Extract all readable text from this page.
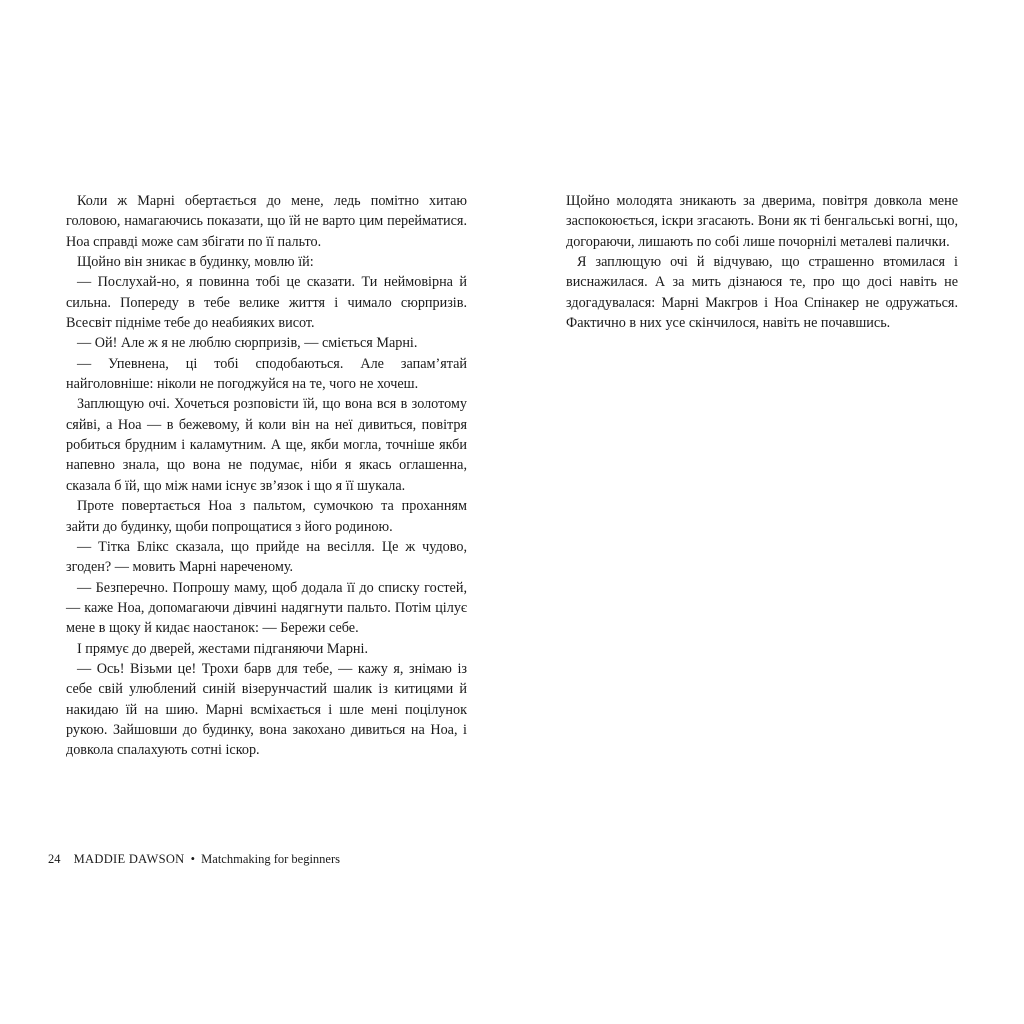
Коли ж Марні обертається до мене, ледь помітно хитаю головою, намагаючись показати, що їй не варто цим перейматися. Ноа справді може сам збігати по її пальто.

Щойно він зникає в будинку, мовлю їй:

— Послухай-но, я повинна тобі це сказати. Ти неймовірна й сильна. Попереду в тебе велике життя і чимало сюрпризів. Всесвіт підніме тебе до неабияких висот.

— Ой! Але ж я не люблю сюрпризів, — сміється Марні.

— Упевнена, ці тобі сподобаються. Але запам’ятай найголовніше: ніколи не погоджуйся на те, чого не хочеш.

Заплющую очі. Хочеться розповісти їй, що вона вся в золотому сяйві, а Ноа — в бежевому, й коли він на неї дивиться, повітря робиться брудним і каламутним. А ще, якби могла, точніше якби напевно знала, що вона не подумає, ніби я якась оглашенна, сказала б їй, що між нами існує зв’язок і що я її шукала.

Проте повертається Ноа з пальтом, сумочкою та проханням зайти до будинку, щоби попрощатися з його родиною.

— Тітка Блікс сказала, що прийде на весілля. Це ж чудово, згоден? — мовить Марні нареченому.

— Безперечно. Попрошу маму, щоб додала її до списку гостей, — каже Ноа, допомагаючи дівчині надягнути пальто. Потім цілує мене в щоку й кидає наостанок: — Бережи себе.

І прямує до дверей, жестами підганяючи Марні.

— Ось! Візьми це! Трохи барв для тебе, — кажу я, знімаю із себе свій улюблений синій візерунчастий шалик із китицями й накидаю їй на шию. Марні всміхається і шле мені поцілунок рукою. Зайшовши до будинку, вона закохано дивиться на Ноа, і довкола спалахують сотні іскор.

Щойно молодята зникають за дверима, повітря довкола мене заспокоюється, іскри згасають. Вони як ті бенгальські вогні, що, догораючи, лишають по собі лише почорнілі металеві палички.

Я заплющую очі й відчуваю, що страшенно втомилася і виснажилася. А за мить дізнаюся те, про що досі навіть не здогадувалася: Марні Макгров і Ноа Спінакер не одружаться. Фактично в них усе скінчилося, навіть не почавшись.

24 MADDIE DAWSON • Matchmaking for beginners
